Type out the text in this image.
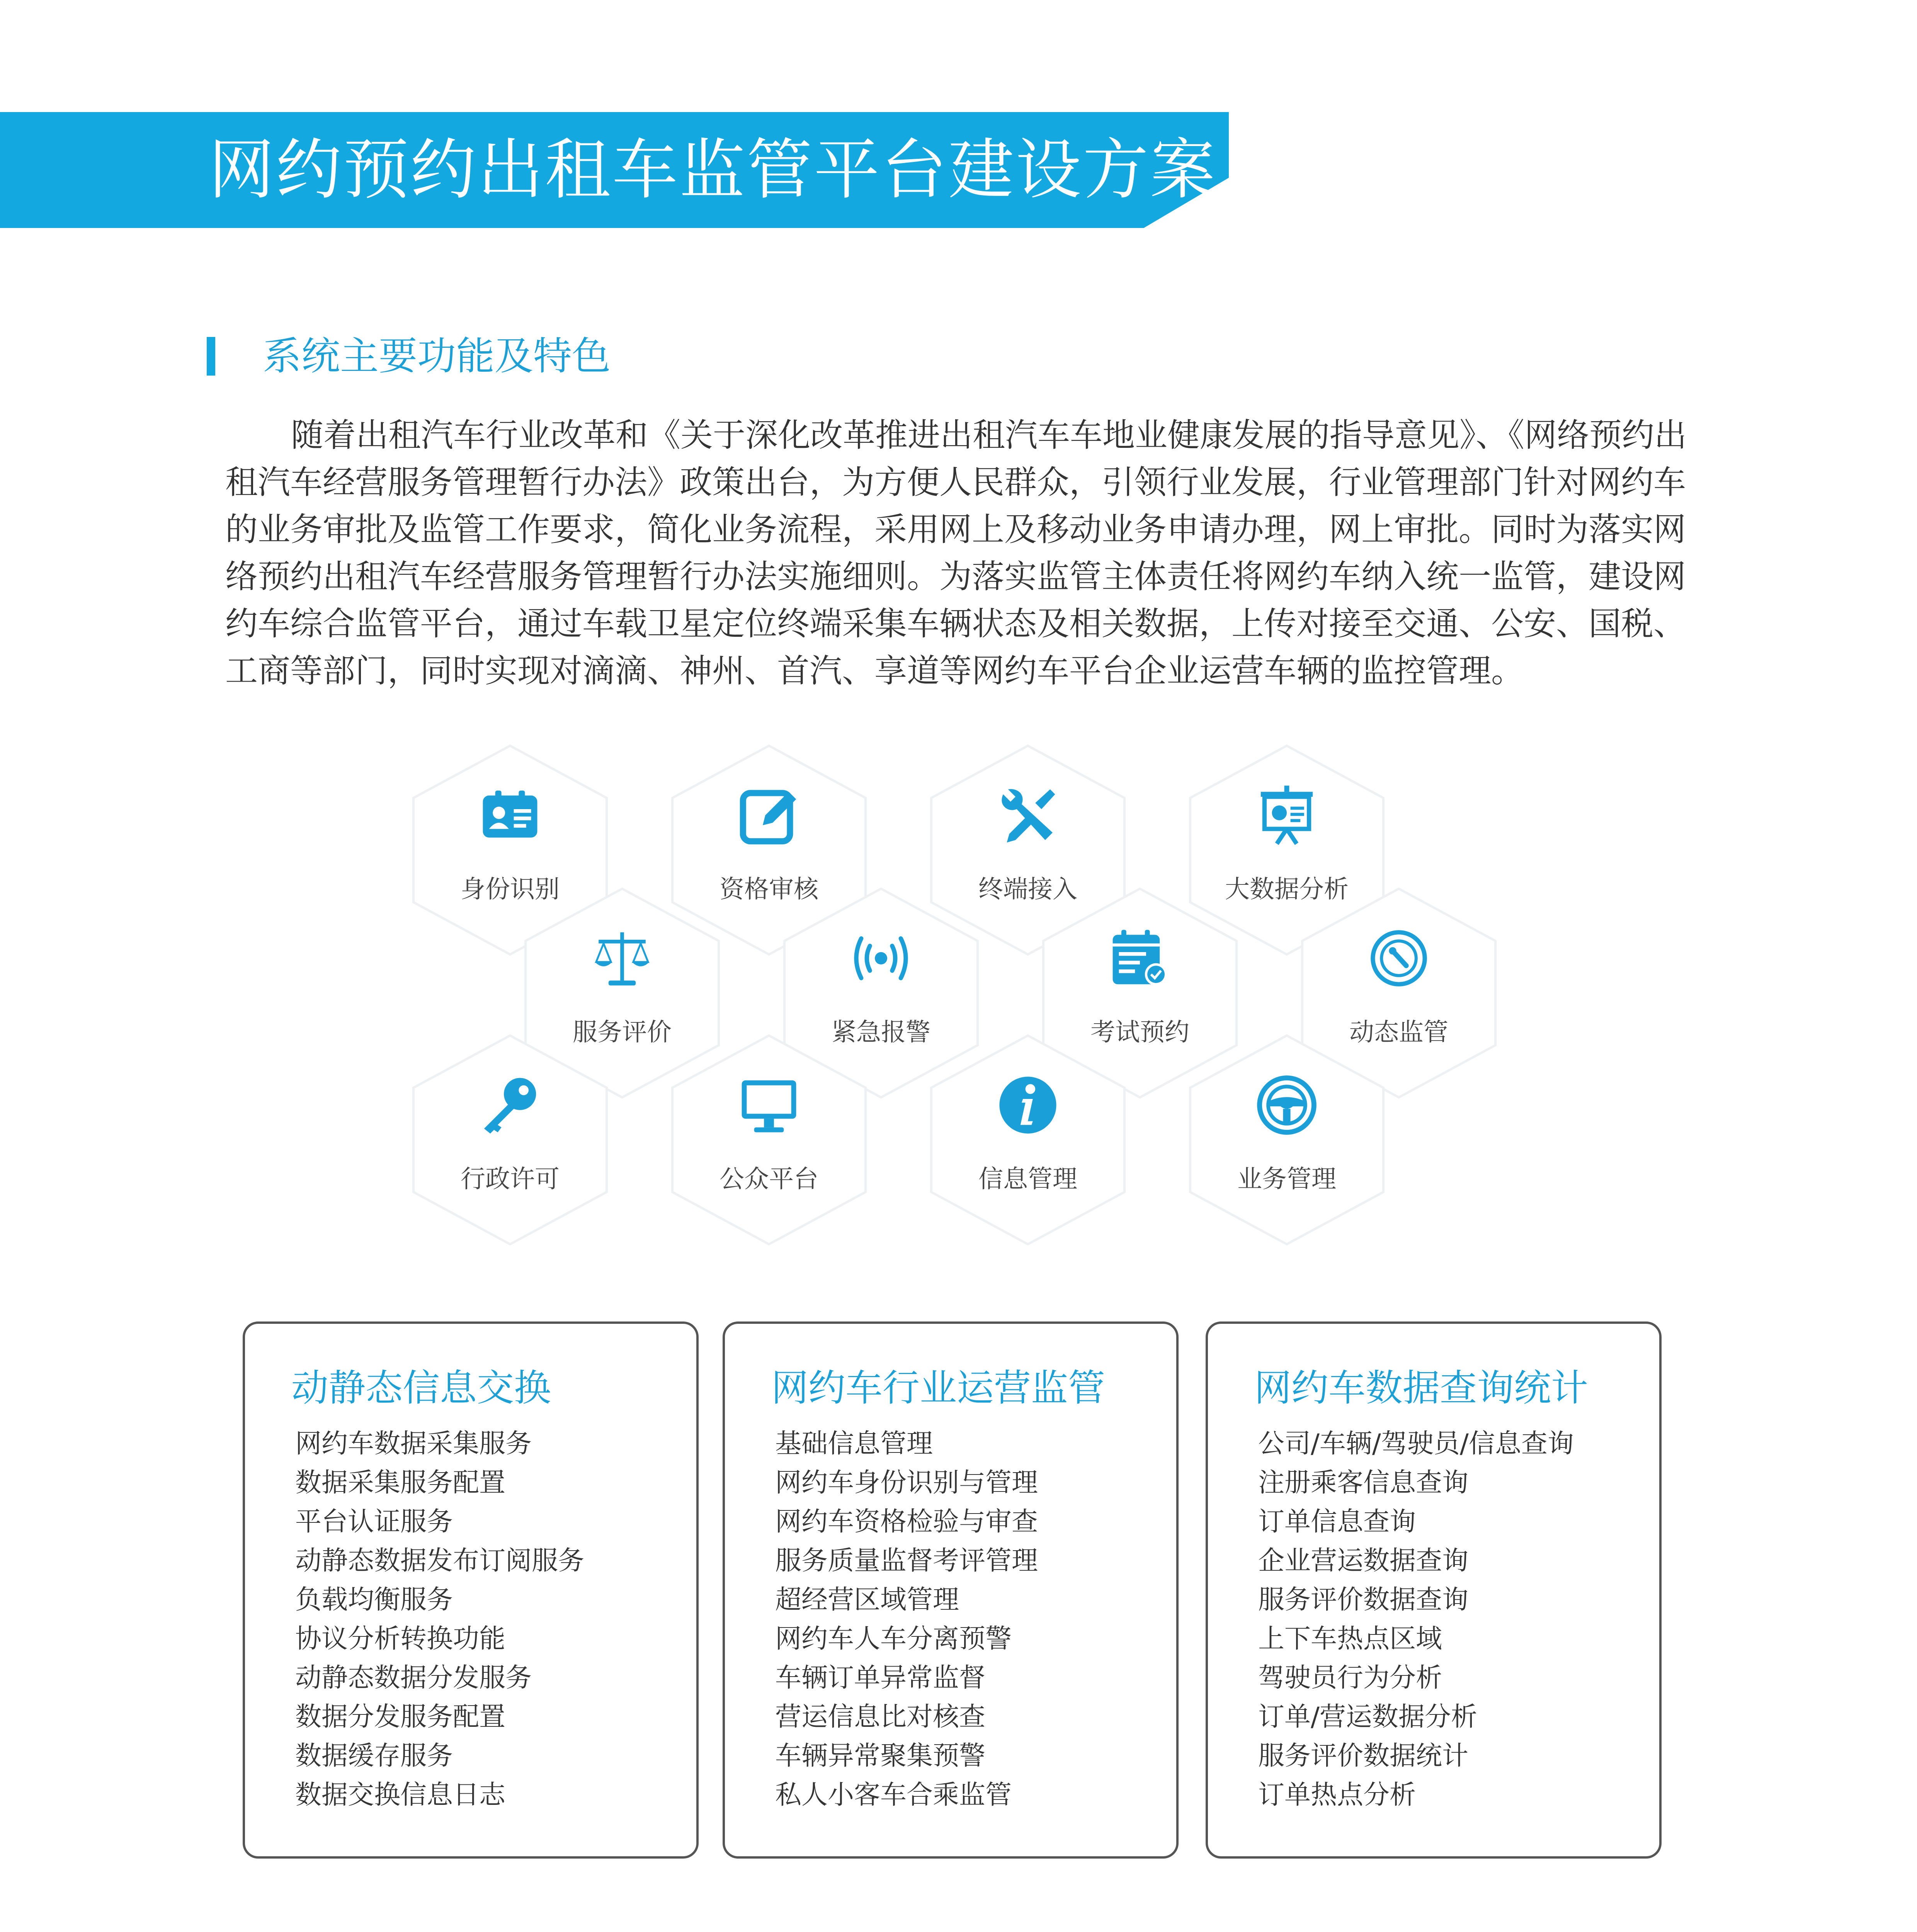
网约预约出租车监管平台建设方案
系统主要功能及特色
随着出租汽车行业改革和《关于深化改革推进出租汽车车地业健康发展的指导意见》、《网络预约出
租汽车经营服务管理暂行办法》政策出台，为方便人民群众，引领行业发展，行业管理部门针对网约车
的业务审批及监管工作要求，简化业务流程，采用网上及移动业务申请办理，网上审批。同时为落实网
络预约出租汽车经营服务管理暂行办法实施细则。为落实监管主体责任将网约车纳入统一监管，建设网
约车综合监管平台，通过车载卫星定位终端采集车辆状态及相关数据，上传对接至交通、公安、国税、
工商等部门，同时实现对滴滴、神州、首汽、享道等网约车平台企业运营车辆的监控管理。
身份识别	资格审核	终端接入	大数据分析
服务评价	紧急报警	考试预约	动态监管
行政许可	公众平台	信息管理	业务管理
动静态信息交换
网约车数据采集服务
数据采集服务配置
平台认证服务
动静态数据发布订阅服务
负载均衡服务
协议分析转换功能
动静态数据分发服务
数据分发服务配置
数据缓存服务
数据交换信息日志
网约车行业运营监管
基础信息管理
网约车身份识别与管理
网约车资格检验与审查
服务质量监督考评管理
超经营区域管理
网约车人车分离预警
车辆订单异常监督
营运信息比对核查
车辆异常聚集预警
私人小客车合乘监管
网约车数据查询统计
公司/车辆/驾驶员/信息查询
注册乘客信息查询
订单信息查询
企业营运数据查询
服务评价数据查询
上下车热点区域
驾驶员行为分析
订单/营运数据分析
服务评价数据统计
订单热点分析
